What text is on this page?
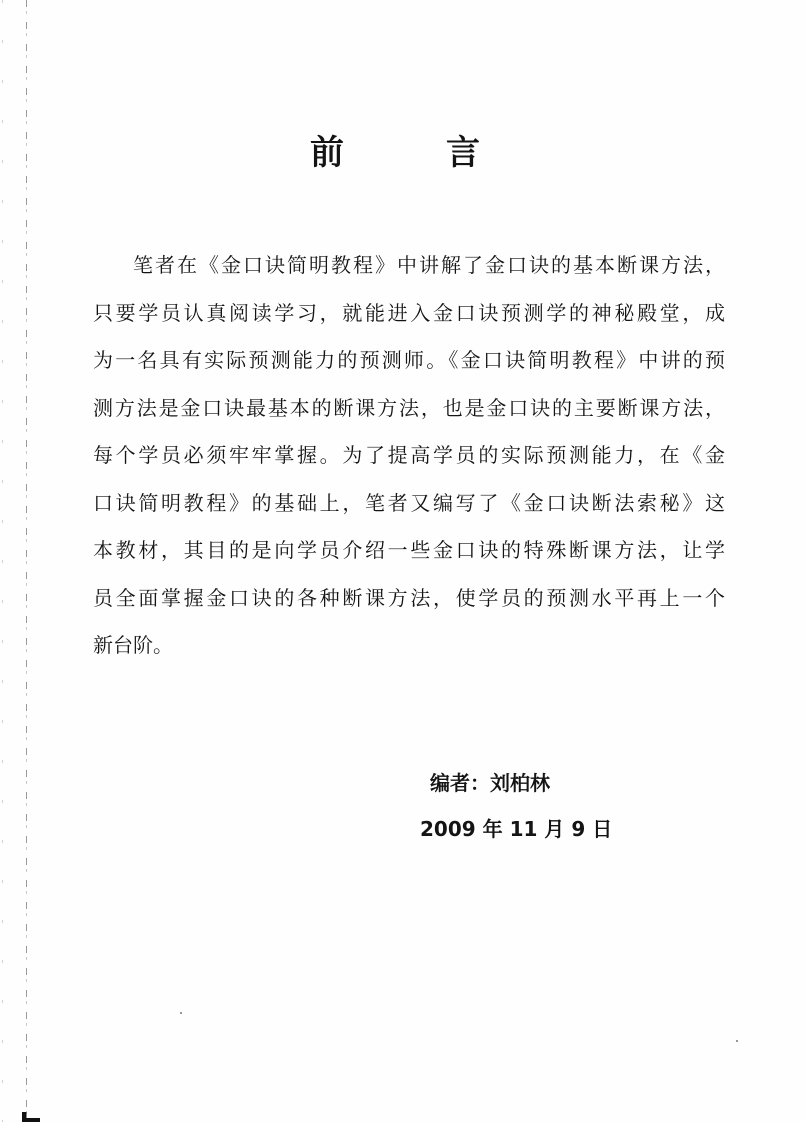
前	言
笔者在《金口诀简明教程》中讲解了金口诀的基本断课方法，
只要学员认真阅读学习，就能进入金口诀预测学的神秘殿堂，成
为一名具有实际预测能力的预测师。《金口诀简明教程》中讲的预
测方法是金口诀最基本的断课方法，也是金口诀的主要断课方法，
每个学员必须牢牢掌握。为了提高学员的实际预测能力，在《金
口诀简明教程》的基础上，笔者又编写了《金口诀断法索秘》这
本教材，其目的是向学员介绍一些金口诀的特殊断课方法，让学
员全面掌握金口诀的各种断课方法，使学员的预测水平再上一个
新台阶。
编者：刘柏林
2009 年 11 月 9 日
